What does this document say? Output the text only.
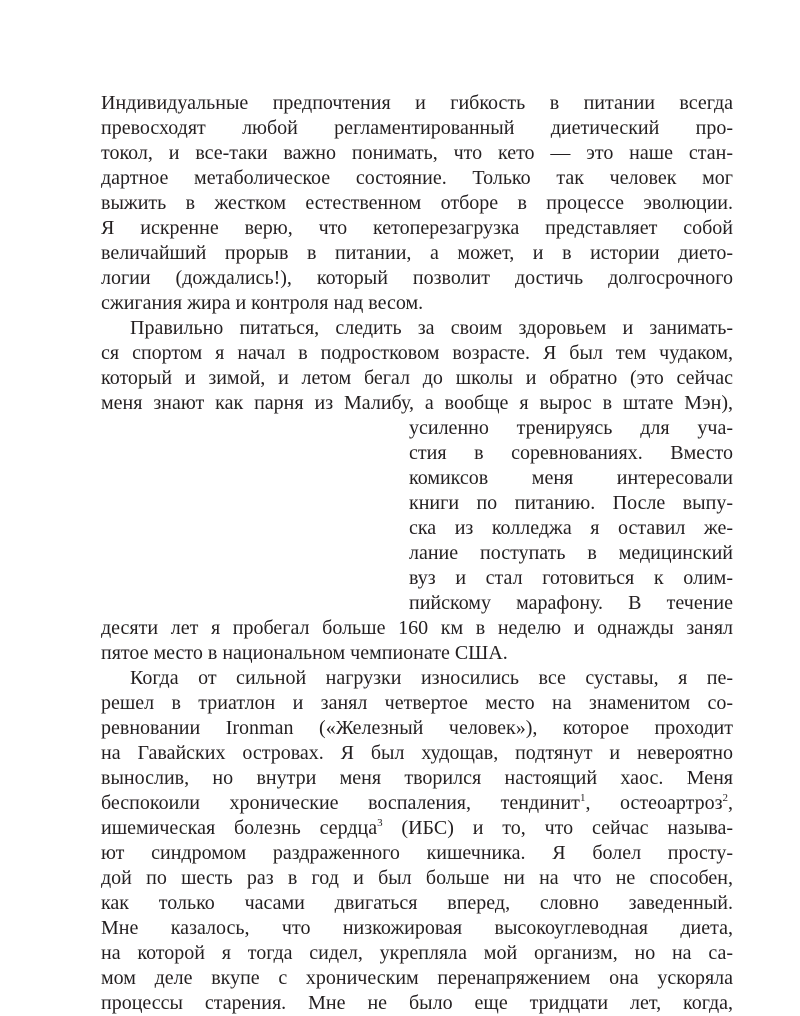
Индивидуальные предпочтения и гибкость в питании всегда
превосходят любой регламентированный диетический про-
токол, и все-таки важно понимать, что кето — это наше стан-
дартное метаболическое состояние. Только так человек мог
выжить в жестком естественном отборе в процессе эволюции.
Я искренне верю, что кетоперезагрузка представляет собой
величайший прорыв в питании, а может, и в истории дието-
логии (дождались!), который позволит достичь долгосрочного
сжигания жира и контроля над весом.
Правильно питаться, следить за своим здоровьем и занимать-
ся спортом я начал в подростковом возрасте. Я был тем чудаком,
который и зимой, и летом бегал до школы и обратно (это сейчас
меня знают как парня из Малибу, а вообще я вырос в штате Мэн),
усиленно тренируясь для уча-
стия в соревнованиях. Вместо
комиксов меня интересовали
книги по питанию. После выпу-
ска из колледжа я оставил же-
лание поступать в медицинский
вуз и стал готовиться к олим-
пийскому марафону. В течение
десяти лет я пробегал больше 160 км в неделю и однажды занял
пятое место в национальном чемпионате США.
Когда от сильной нагрузки износились все суставы, я пе-
решел в триатлон и занял четвертое место на знаменитом со-
ревновании Ironman («Железный человек»), которое проходит
на Гавайских островах. Я был худощав, подтянут и невероятно
вынослив, но внутри меня творился настоящий хаос. Меня
беспокоили хронические воспаления, тендинит$^1$, остеоартроз$^2$,
ишемическая болезнь сердца$^3$ (ИБС) и то, что сейчас называ-
ют синдромом раздраженного кишечника. Я болел просту-
дой по шесть раз в год и был больше ни на что не способен,
как только часами двигаться вперед, словно заведенный.
Мне казалось, что низкожировая высокоуглеводная диета,
на которой я тогда сидел, укрепляла мой организм, но на са-
мом деле вкупе с хроническим перенапряжением она ускоряла
процессы старения. Мне не было еще тридцати лет, когда,
